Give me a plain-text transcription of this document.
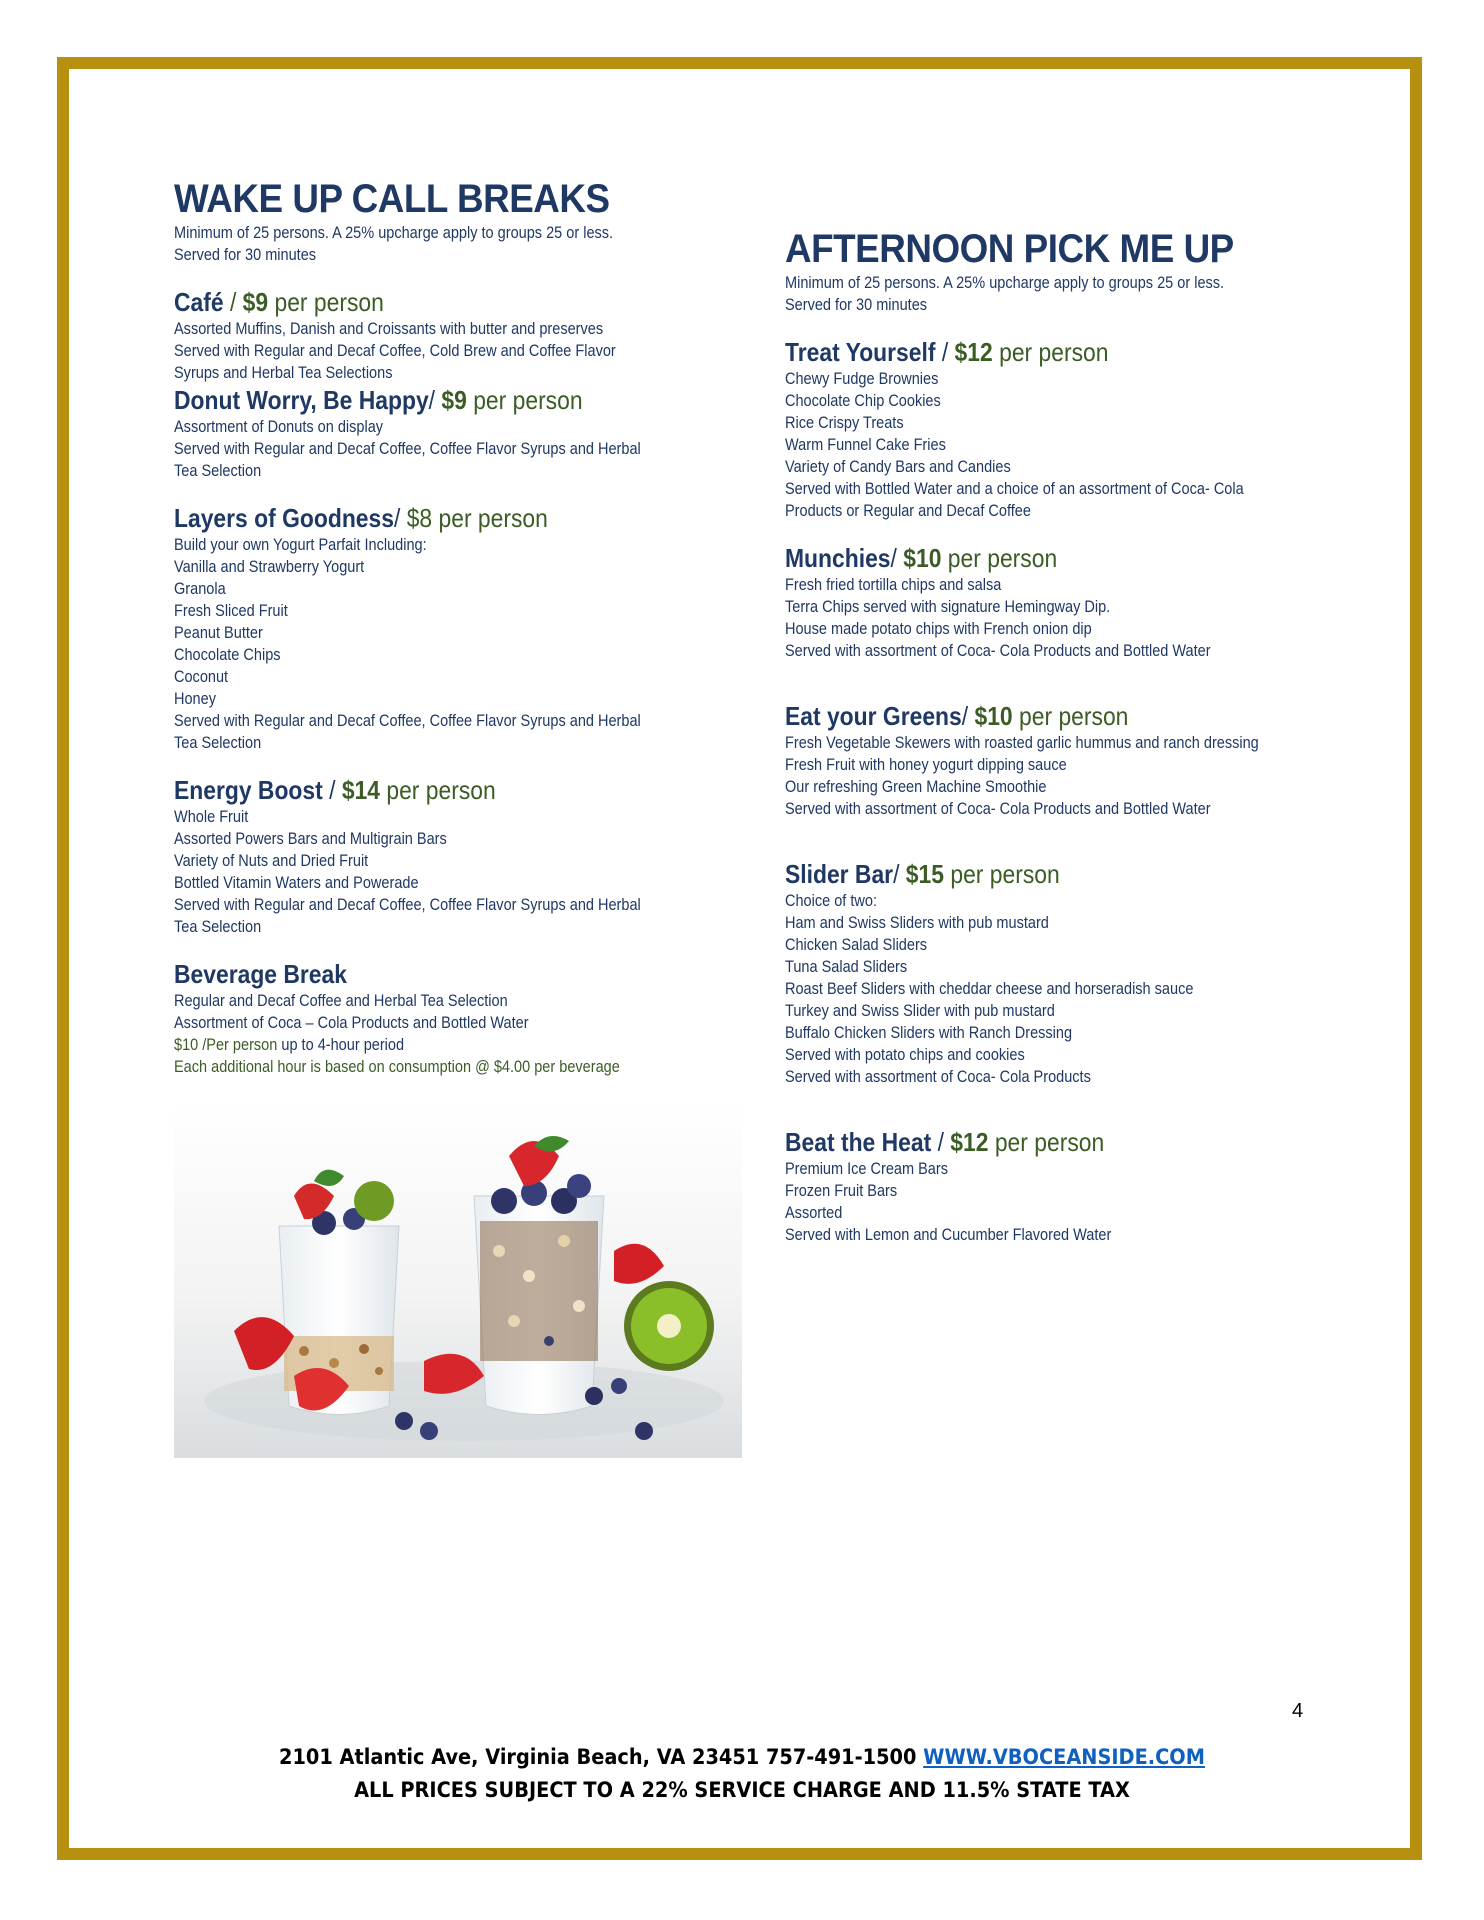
WAKE UP CALL BREAKS

Minimum of 25 persons. A 25% upcharge apply to groups 25 or less.

Served for 30 minutes

Café / $9 per person

Assorted Muffins, Danish and Croissants with butter and preserves

Served with Regular and Decaf Coffee, Cold Brew and Coffee Flavor

Syrups and Herbal Tea Selections

Donut Worry, Be Happy/ $9 per person

Assortment of Donuts on display

Served with Regular and Decaf Coffee, Coffee Flavor Syrups and Herbal

Tea Selection

Layers of Goodness/ $8 per person

Build your own Yogurt Parfait Including:

Vanilla and Strawberry Yogurt

Granola

Fresh Sliced Fruit

Peanut Butter

Chocolate Chips

Coconut

Honey

Served with Regular and Decaf Coffee, Coffee Flavor Syrups and Herbal

Tea Selection

Energy Boost / $14 per person

Whole Fruit

Assorted Powers Bars and Multigrain Bars

Variety of Nuts and Dried Fruit

Bottled Vitamin Waters and Powerade

Served with Regular and Decaf Coffee, Coffee Flavor Syrups and Herbal

Tea Selection

Beverage Break

Regular and Decaf Coffee and Herbal Tea Selection

Assortment of Coca – Cola Products and Bottled Water

$10 /Per person up to 4-hour period

Each additional hour is based on consumption @ $4.00 per beverage

AFTERNOON PICK ME UP

Minimum of 25 persons. A 25% upcharge apply to groups 25 or less.

Served for 30 minutes

Treat Yourself / $12 per person

Chewy Fudge Brownies

Chocolate Chip Cookies

Rice Crispy Treats

Warm Funnel Cake Fries

Variety of Candy Bars and Candies

Served with Bottled Water and a choice of an assortment of Coca- Cola

Products or Regular and Decaf Coffee

Munchies/ $10 per person

Fresh fried tortilla chips and salsa

Terra Chips served with signature Hemingway Dip.

House made potato chips with French onion dip

Served with assortment of Coca- Cola Products and Bottled Water

Eat your Greens/ $10 per person

Fresh Vegetable Skewers with roasted garlic hummus and ranch dressing

Fresh Fruit with honey yogurt dipping sauce

Our refreshing Green Machine Smoothie

Served with assortment of Coca- Cola Products and Bottled Water

Slider Bar/ $15 per person

Choice of two:

Ham and Swiss Sliders with pub mustard

Chicken Salad Sliders

Tuna Salad Sliders

Roast Beef Sliders with cheddar cheese and horseradish sauce

Turkey and Swiss Slider with pub mustard

Buffalo Chicken Sliders with Ranch Dressing

Served with potato chips and cookies

Served with assortment of Coca- Cola Products

Beat the Heat / $12 per person

Premium Ice Cream Bars

Frozen Fruit Bars

Assorted

Served with Lemon and Cucumber Flavored Water

4

2101 Atlantic Ave, Virginia Beach, VA 23451 757-491-1500 WWW.VBOCEANSIDE.COM

ALL PRICES SUBJECT TO A 22% SERVICE CHARGE AND 11.5% STATE TAX
